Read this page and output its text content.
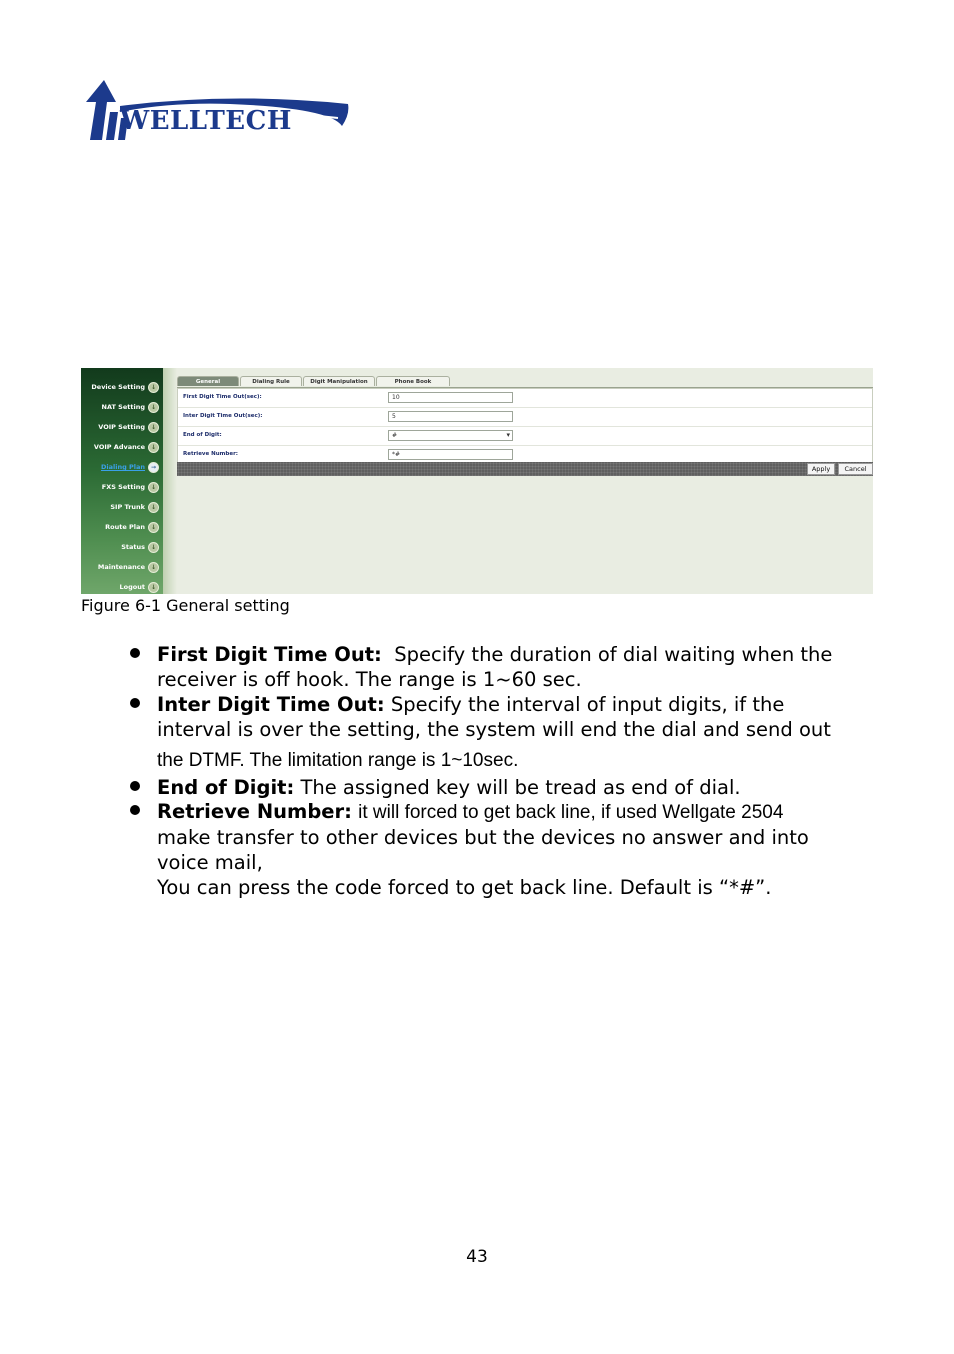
WELLTECH
Device Setting ↓
NAT Setting ↓
VOIP Setting ↓
VOIP Advance ↓
Dialing Plan →
FXS Setting ↓
SIP Trunk ↓
Route Plan ↓
Status ↓
Maintenance ↓
Logout ↓
General	Dialing Rule	Digit Manipulation	Phone Book
First Digit Time Out(sec):	10
Inter Digit Time Out(sec):	5
End of Digit:	# ▾
Retrieve Number:	*#
Apply	Cancel
Figure 6-1 General setting
First Digit Time Out: Specify the duration of dial waiting when the
receiver is off hook. The range is 1~60 sec.
Inter Digit Time Out: Specify the interval of input digits, if the
interval is over the setting, the system will end the dial and send out
the DTMF. The limitation range is 1~10sec.
End of Digit: The assigned key will be tread as end of dial.
Retrieve Number: it will forced to get back line, if used Wellgate 2504
make transfer to other devices but the devices no answer and into
voice mail,
You can press the code forced to get back line. Default is “*#”.
43
